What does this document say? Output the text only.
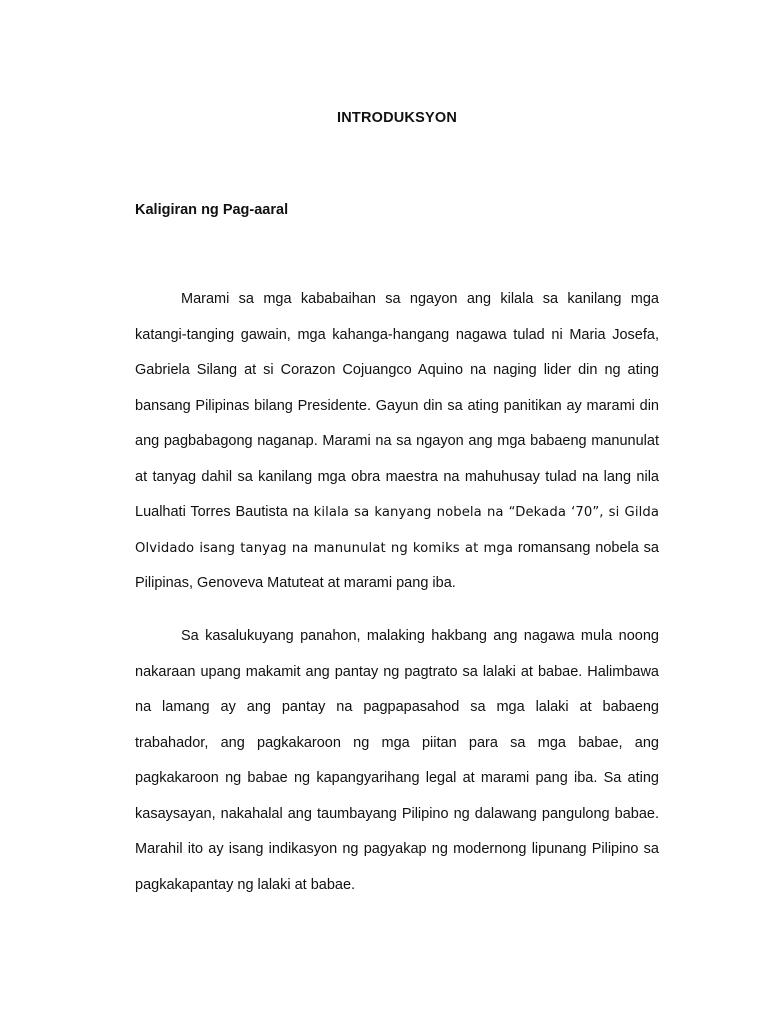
INTRODUKSYON
Kaligiran ng Pag-aaral

Marami sa mga kababaihan sa ngayon ang kilala sa kanilang mga katangi-tanging gawain, mga kahanga-hangang nagawa tulad ni Maria Josefa, Gabriela Silang at si Corazon Cojuangco Aquino na naging lider din ng ating bansang Pilipinas bilang Presidente. Gayun din sa ating panitikan ay marami din ang pagbabagong naganap. Marami na sa ngayon ang mga babaeng manunulat at tanyag dahil sa kanilang mga obra maestra na mahuhusay tulad na lang nila Lualhati Torres Bautista na kilala sa kanyang nobela na “Dekada ‘70”, si Gilda Olvidado isang tanyag na manunulat ng komiks at mga romansang nobela sa Pilipinas, Genoveva Matuteat at marami pang iba.

Sa kasalukuyang panahon, malaking hakbang ang nagawa mula noong nakaraan upang makamit ang pantay ng pagtrato sa lalaki at babae. Halimbawa na lamang ay ang pantay na pagpapasahod sa mga lalaki at babaeng trabahador, ang pagkakaroon ng mga piitan para sa mga babae, ang pagkakaroon ng babae ng kapangyarihang legal at marami pang iba. Sa ating kasaysayan, nakahalal ang taumbayang Pilipino ng dalawang pangulong babae. Marahil ito ay isang indikasyon ng pagyakap ng modernong lipunang Pilipino sa pagkakapantay ng lalaki at babae.
